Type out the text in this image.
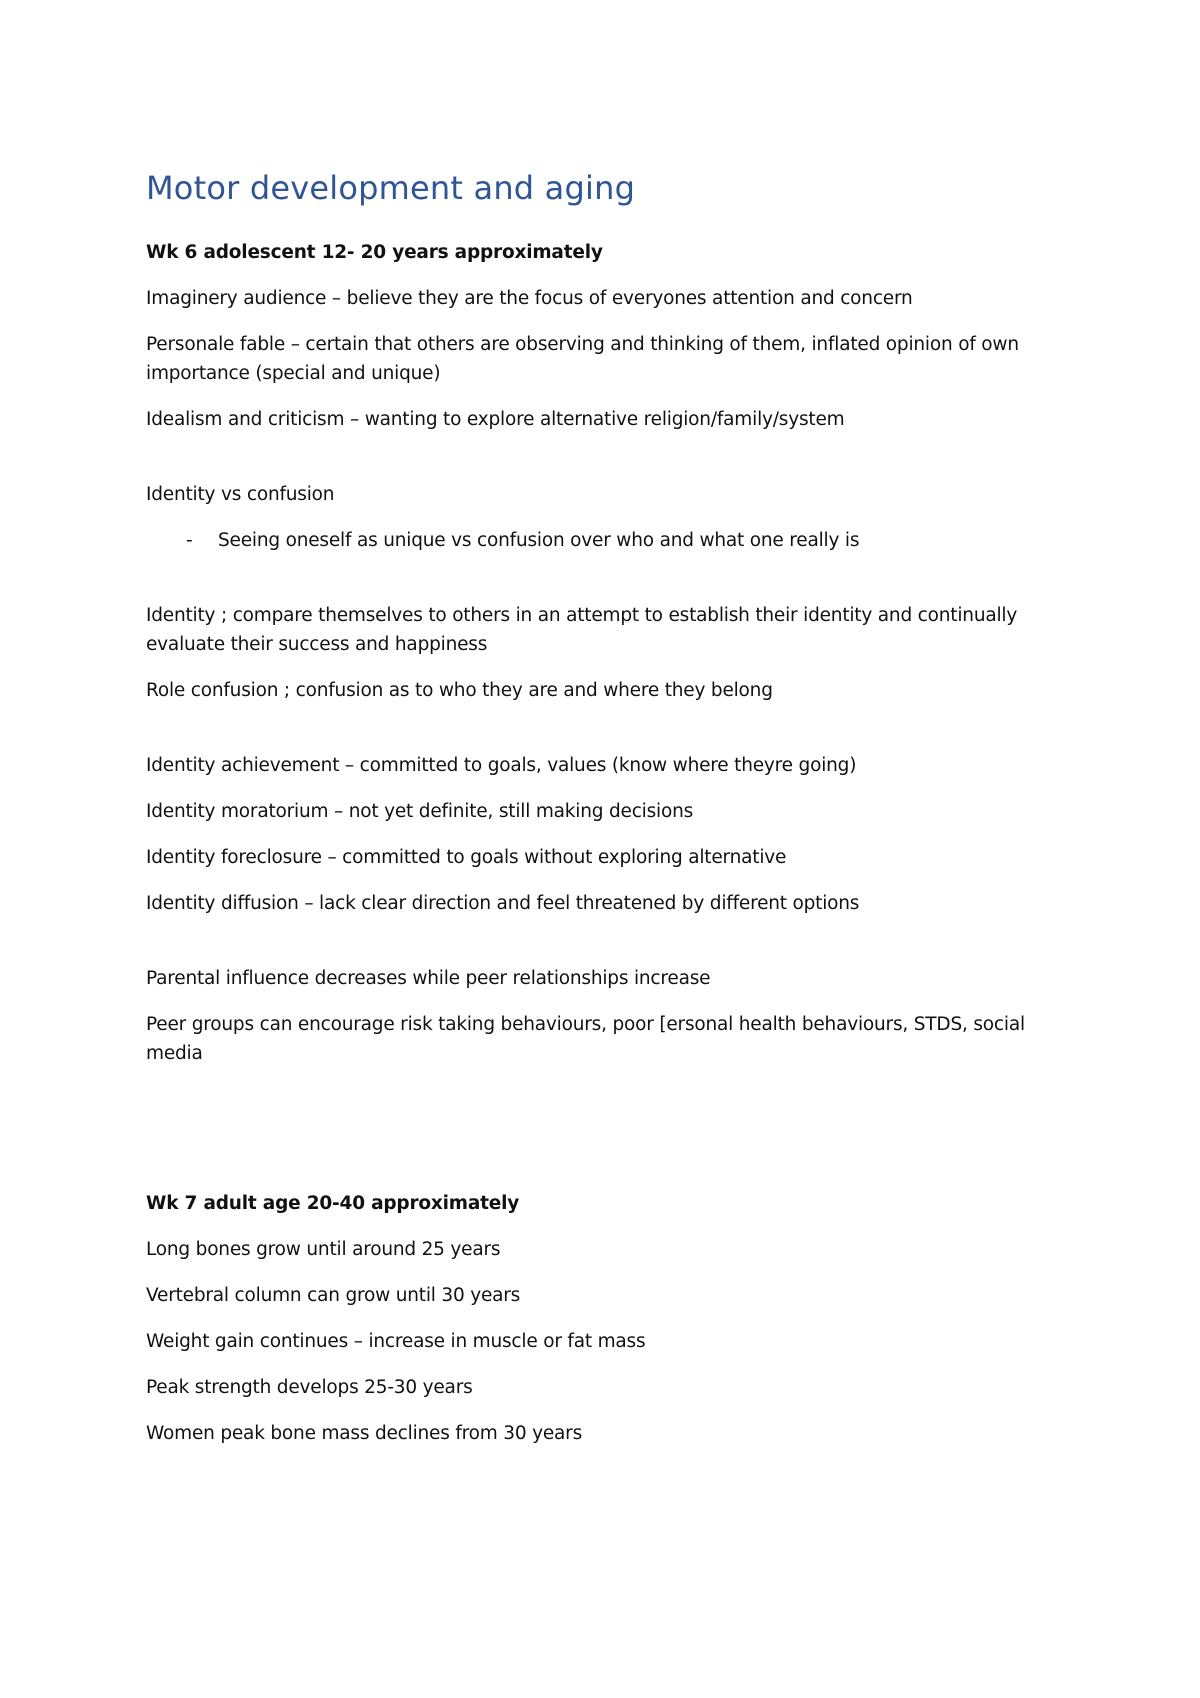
Motor development and aging

Wk 6 adolescent 12- 20 years approximately

Imaginery audience – believe they are the focus of everyones attention and concern

Personale fable – certain that others are observing and thinking of them, inflated opinion of own importance (special and unique)

Idealism and criticism – wanting to explore alternative religion/family/system

Identity vs confusion

- Seeing oneself as unique vs confusion over who and what one really is

Identity ; compare themselves to others in an attempt to establish their identity and continually evaluate their success and happiness

Role confusion ; confusion as to who they are and where they belong

Identity achievement – committed to goals, values (know where theyre going)

Identity moratorium – not yet definite, still making decisions

Identity foreclosure – committed to goals without exploring alternative

Identity diffusion – lack clear direction and feel threatened by different options

Parental influence decreases while peer relationships increase

Peer groups can encourage risk taking behaviours, poor [ersonal health behaviours, STDS, social media

Wk 7 adult age 20-40 approximately

Long bones grow until around 25 years

Vertebral column can grow until 30 years

Weight gain continues – increase in muscle or fat mass

Peak strength develops 25-30 years

Women peak bone mass declines from 30 years
